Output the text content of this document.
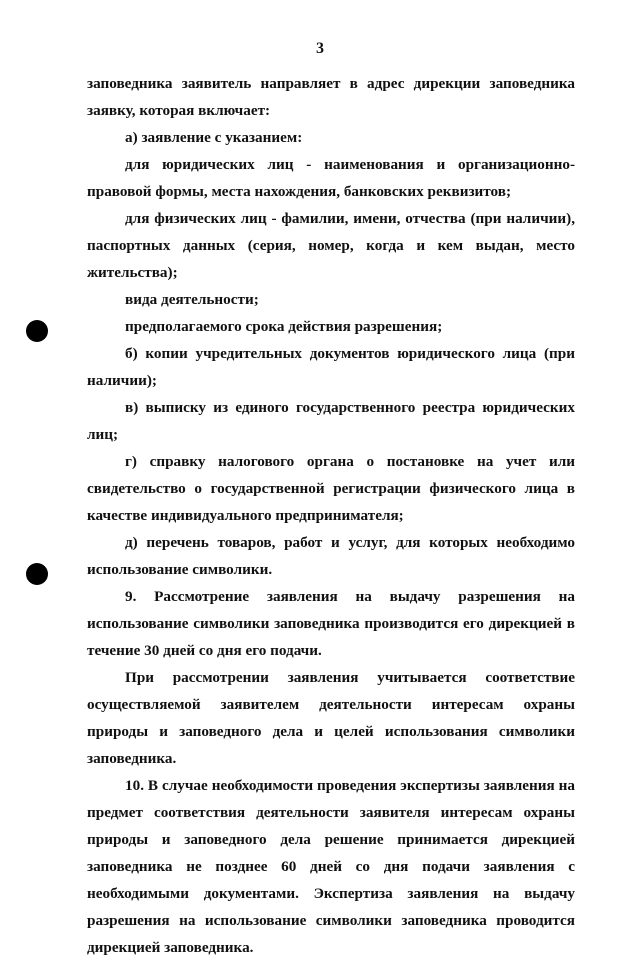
3

заповедника заявитель направляет в адрес дирекции заповедника заявку, которая включает:

а) заявление с указанием:

для юридических лиц - наименования и организационно-правовой формы, места нахождения, банковских реквизитов;

для физических лиц - фамилии, имени, отчества (при наличии), паспортных данных (серия, номер, когда и кем выдан, место жительства);

вида деятельности;

предполагаемого срока действия разрешения;

б) копии учредительных документов юридического лица (при наличии);

в) выписку из единого государственного реестра юридических лиц;

г) справку налогового органа о постановке на учет или свидетельство о государственной регистрации физического лица в качестве индивидуального предпринимателя;

д) перечень товаров, работ и услуг, для которых необходимо использование символики.

9. Рассмотрение заявления на выдачу разрешения на использование символики заповедника производится его дирекцией в течение 30 дней со дня его подачи.

При рассмотрении заявления учитывается соответствие осуществляемой заявителем деятельности интересам охраны природы и заповедного дела и целей использования символики заповедника.

10. В случае необходимости проведения экспертизы заявления на предмет соответствия деятельности заявителя интересам охраны природы и заповедного дела решение принимается дирекцией заповедника не позднее 60 дней со дня подачи заявления с необходимыми документами. Экспертиза заявления на выдачу разрешения на использование символики заповедника проводится дирекцией заповедника.
